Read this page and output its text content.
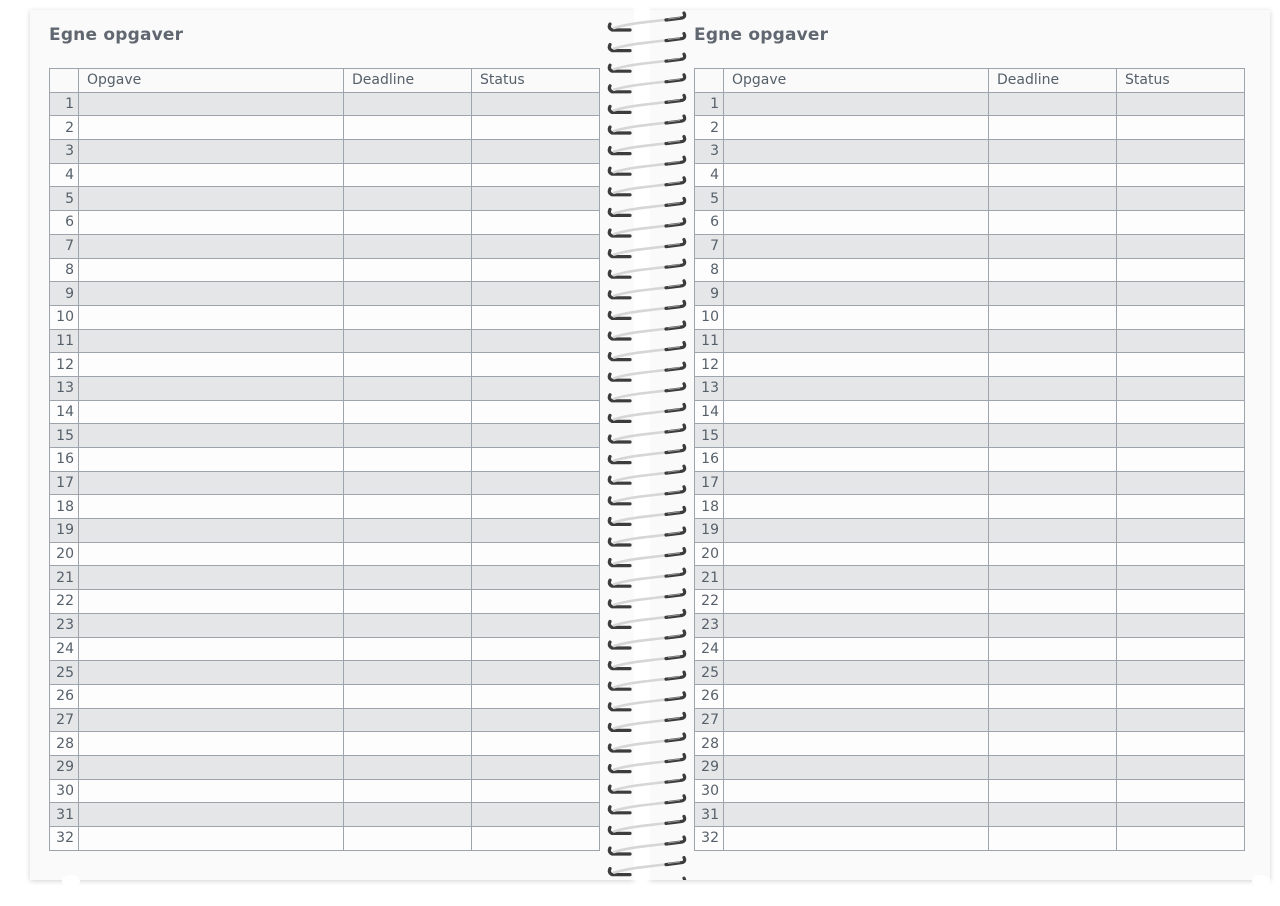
Egne opgaver
	Opgave	Deadline	Status
1			
2			
3			
4			
5			
6			
7			
8			
9			
10			
11			
12			
13			
14			
15			
16			
17			
18			
19			
20			
21			
22			
23			
24			
25			
26			
27			
28			
29			
30			
31			
32			
Egne opgaver
	Opgave	Deadline	Status
1			
2			
3			
4			
5			
6			
7			
8			
9			
10			
11			
12			
13			
14			
15			
16			
17			
18			
19			
20			
21			
22			
23			
24			
25			
26			
27			
28			
29			
30			
31			
32			
